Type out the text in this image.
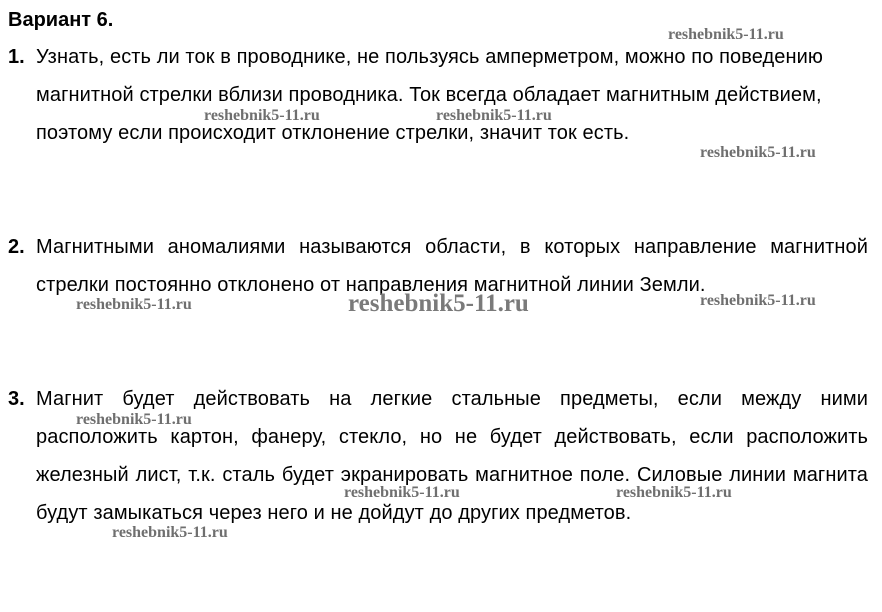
Вариант 6.
1. Узнать, есть ли ток в проводнике, не пользуясь амперметром, можно по поведению магнитной стрелки вблизи проводника. Ток всегда обладает магнитным действием, поэтому если происходит отклонение стрелки, значит ток есть.
2. Магнитными аномалиями называются области, в которых направление магнитной стрелки постоянно отклонено от направления магнитной линии Земли.
3. Магнит будет действовать на легкие стальные предметы, если между ними расположить картон, фанеру, стекло, но не будет действовать, если расположить железный лист, т.к. сталь будет экранировать магнитное поле. Силовые линии магнита будут замыкаться через него и не дойдут до других предметов.
reshebnik5-11.ru
reshebnik5-11.ru	reshebnik5-11.ru
reshebnik5-11.ru
reshebnik5-11.ru	reshebnik5-11.ru	reshebnik5-11.ru
reshebnik5-11.ru
reshebnik5-11.ru	reshebnik5-11.ru
reshebnik5-11.ru
